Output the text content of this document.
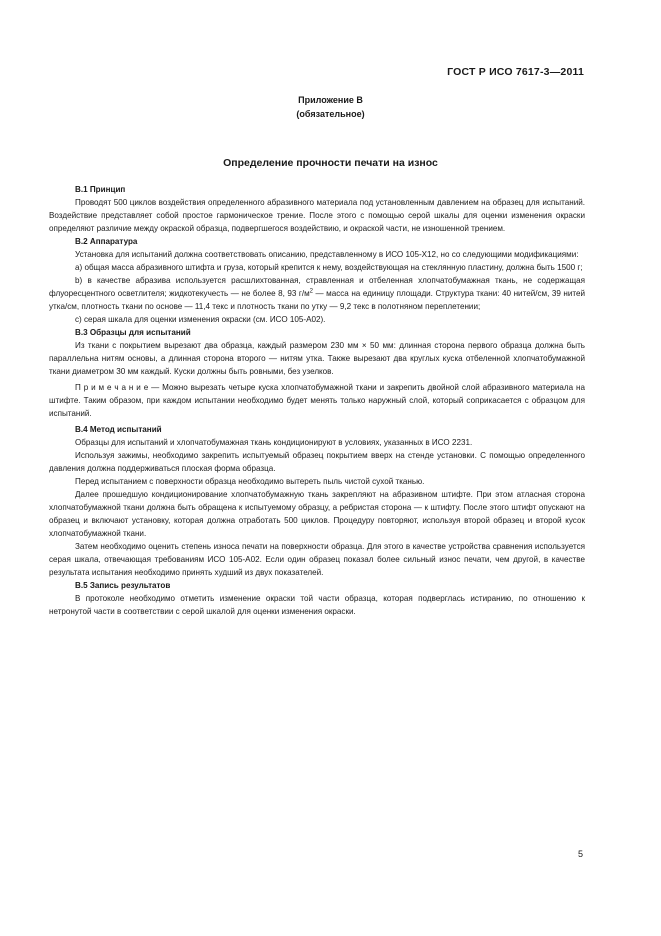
ГОСТ Р ИСО 7617-3—2011
Приложение В
(обязательное)
Определение прочности печати на износ

В.1 Принцип

Проводят 500 циклов воздействия определенного абразивного материала под установленным давлением на образец для испытаний. Воздействие представляет собой простое гармоническое трение. После этого с помощью серой шкалы для оценки изменения окраски определяют различие между окраской образца, подвергшегося воздействию, и окраской части, не изношенной трением.

В.2 Аппаратура

Установка для испытаний должна соответствовать описанию, представленному в ИСО 105-Х12, но со следующими модификациями:
а) общая масса абразивного штифта и груза, который крепится к нему, воздействующая на стеклянную пластину, должна быть 1500 г;
b) в качестве абразива используется расшлихтованная, стравленная и отбеленная хлопчатобумажная ткань, не содержащая флуоресцентного осветлителя; жидкотекучесть — не более 8, 93 $г/м^2$ — масса на единицу площади. Структура ткани: 40 нитей/см, 39 нитей утка/см, плотность ткани по основе — 11,4 текс и плотность ткани по утку — 9,2 текс в полотняном переплетении;
с) серая шкала для оценки изменения окраски (см. ИСО 105-А02).

В.3 Образцы для испытаний

Из ткани с покрытием вырезают два образца, каждый размером 230 мм × 50 мм: длинная сторона первого образца должна быть параллельна нитям основы, а длинная сторона второго — нитям утка. Также вырезают два круглых куска отбеленной хлопчатобумажной ткани диаметром 30 мм каждый. Куски должны быть ровными, без узелков.
П р и м е ч а н и е — Можно вырезать четыре куска хлопчатобумажной ткани и закрепить двойной слой абразивного материала на штифте. Таким образом, при каждом испытании необходимо будет менять только наружный слой, который соприкасается с образцом для испытаний.

В.4 Метод испытаний

Образцы для испытаний и хлопчатобумажная ткань кондиционируют в условиях, указанных в ИСО 2231.
Используя зажимы, необходимо закрепить испытуемый образец покрытием вверх на стенде установки. С помощью определенного давления должна поддерживаться плоская форма образца.
Перед испытанием с поверхности образца необходимо вытереть пыль чистой сухой тканью.
Далее прошедшую кондиционирование хлопчатобумажную ткань закрепляют на абразивном штифте. При этом атласная сторона хлопчатобумажной ткани должна быть обращена к испытуемому образцу, а ребристая сторона — к штифту. После этого штифт опускают на образец и включают установку, которая должна отработать 500 циклов. Процедуру повторяют, используя второй образец и второй кусок хлопчатобумажной ткани.
Затем необходимо оценить степень износа печати на поверхности образца. Для этого в качестве устройства сравнения используется серая шкала, отвечающая требованиям ИСО 105-А02. Если один образец показал более сильный износ печати, чем другой, в качестве результата испытания необходимо принять худший из двух показателей.

В.5 Запись результатов

В протоколе необходимо отметить изменение окраски той части образца, которая подверглась истиранию, по отношению к нетронутой части в соответствии с серой шкалой для оценки изменения окраски.
5
